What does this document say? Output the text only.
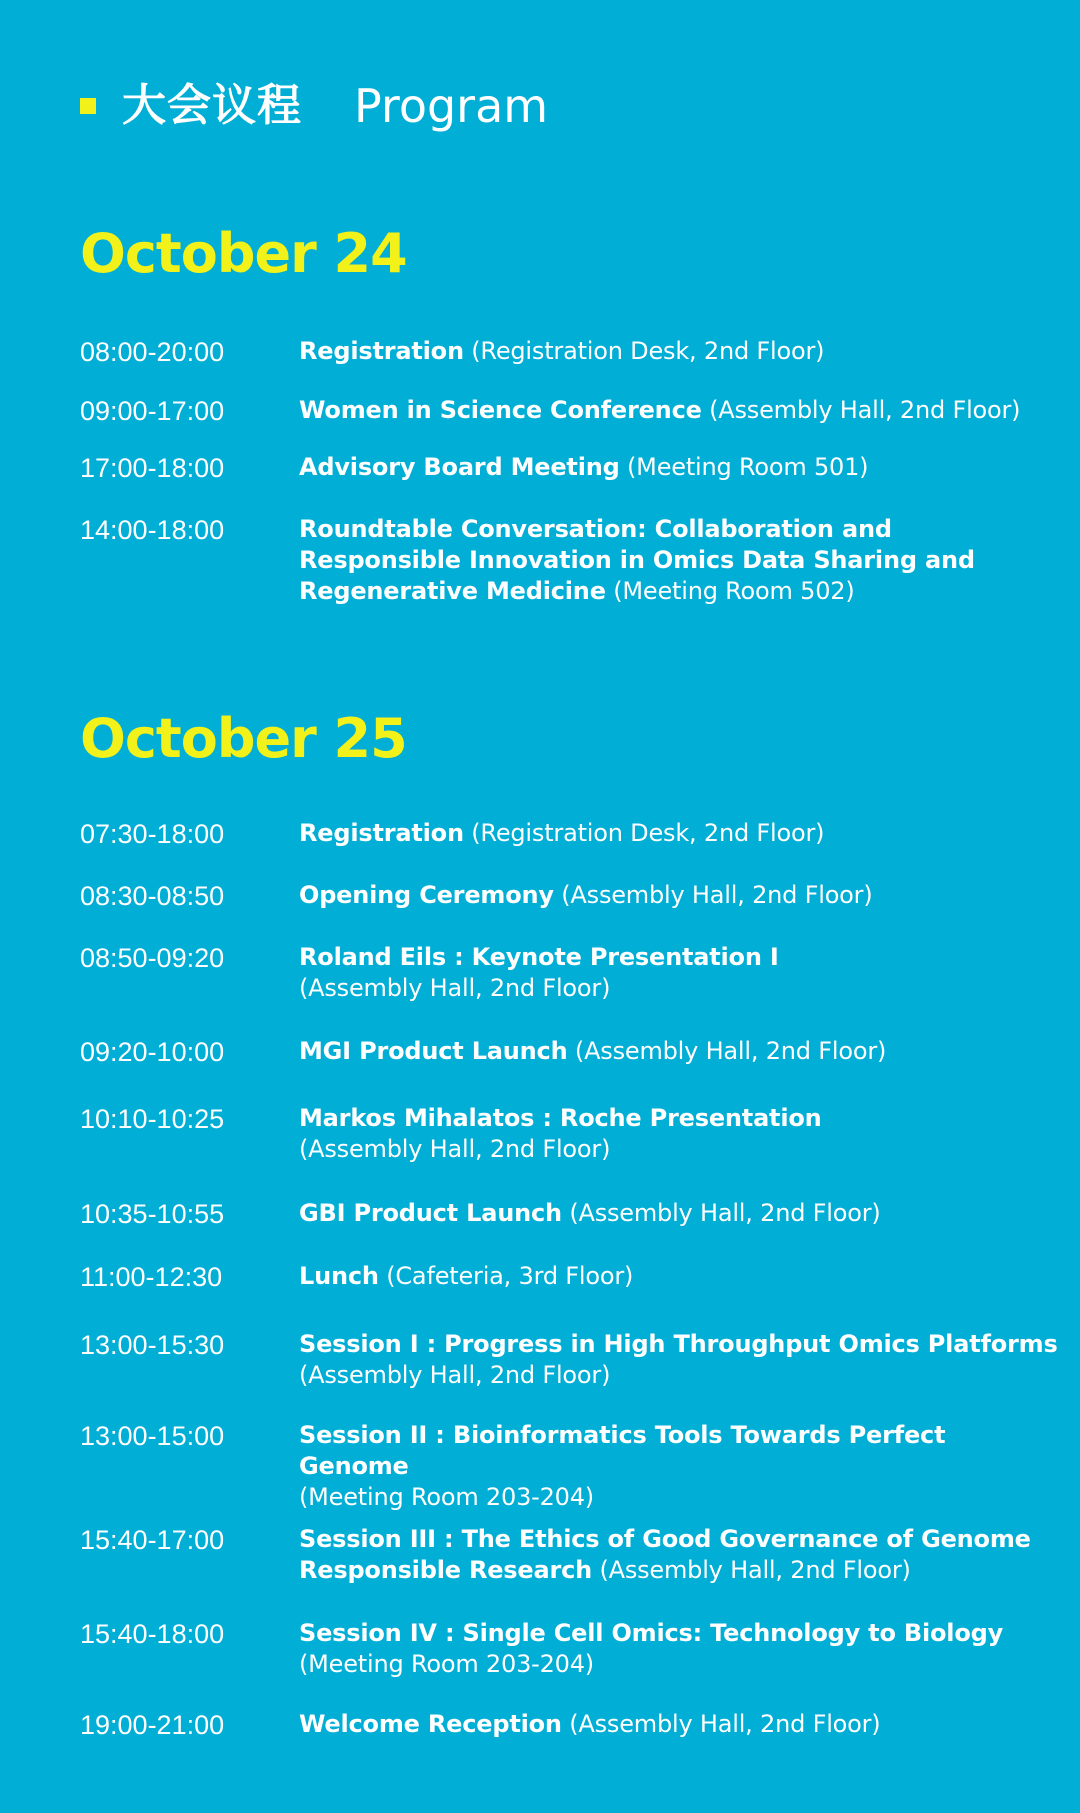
大会议程 Program
October 24
08:00-20:00	Registration (Registration Desk, 2nd Floor)
09:00-17:00	Women in Science Conference (Assembly Hall, 2nd Floor)
17:00-18:00	Advisory Board Meeting (Meeting Room 501)
14:00-18:00	Roundtable Conversation: Collaboration and Responsible Innovation in Omics Data Sharing and Regenerative Medicine (Meeting Room 502)
October 25
07:30-18:00	Registration (Registration Desk, 2nd Floor)
08:30-08:50	Opening Ceremony (Assembly Hall, 2nd Floor)
08:50-09:20	Roland Eils : Keynote Presentation I
(Assembly Hall, 2nd Floor)
09:20-10:00	MGI Product Launch (Assembly Hall, 2nd Floor)
10:10-10:25	Markos Mihalatos : Roche Presentation
(Assembly Hall, 2nd Floor)
10:35-10:55	GBI Product Launch (Assembly Hall, 2nd Floor)
11:00-12:30	Lunch (Cafeteria, 3rd Floor)
13:00-15:30	Session I : Progress in High Throughput Omics Platforms
(Assembly Hall, 2nd Floor)
13:00-15:00	Session II : Bioinformatics Tools Towards Perfect Genome
(Meeting Room 203-204)
15:40-17:00	Session III : The Ethics of Good Governance of Genome Responsible Research (Assembly Hall, 2nd Floor)
15:40-18:00	Session IV : Single Cell Omics: Technology to Biology
(Meeting Room 203-204)
19:00-21:00	Welcome Reception (Assembly Hall, 2nd Floor)
